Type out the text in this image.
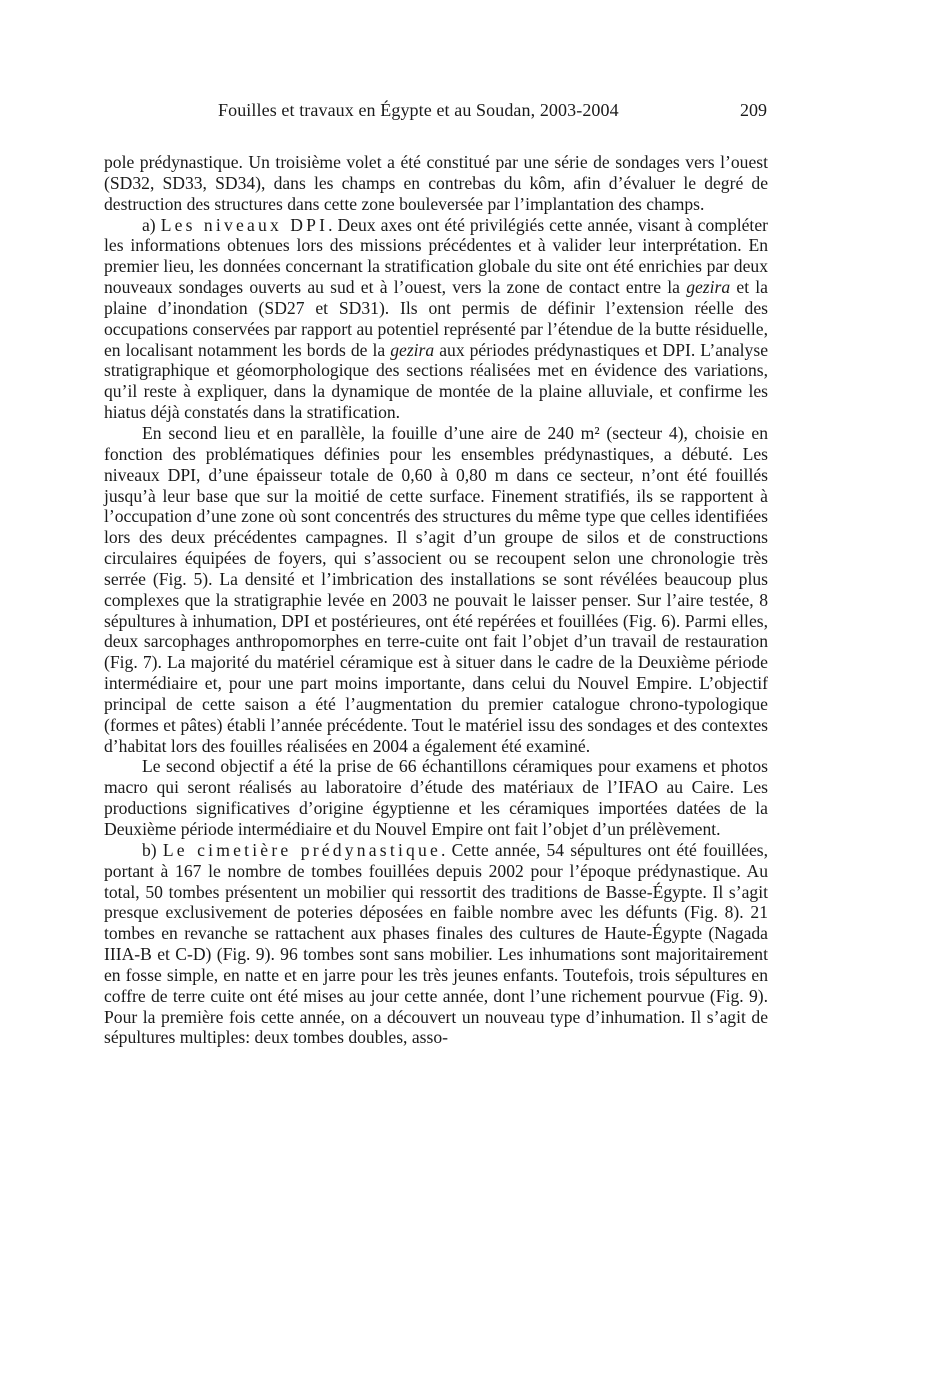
Fouilles et travaux en Égypte et au Soudan, 2003-2004	209

pole prédynastique. Un troisième volet a été constitué par une série de sondages vers l’ouest (SD32, SD33, SD34), dans les champs en contrebas du kôm, afin d’évaluer le degré de destruction des structures dans cette zone bouleversée par l’implantation des champs.

a) Les niveaux DPI. Deux axes ont été privilégiés cette année, visant à compléter les informations obtenues lors des missions précédentes et à valider leur interprétation. En premier lieu, les données concernant la stratification globale du site ont été enrichies par deux nouveaux sondages ouverts au sud et à l’ouest, vers la zone de contact entre la gezira et la plaine d’inondation (SD27 et SD31). Ils ont permis de définir l’extension réelle des occupations conservées par rapport au potentiel représenté par l’étendue de la butte résiduelle, en localisant notamment les bords de la gezira aux périodes prédynastiques et DPI. L’analyse stratigraphique et géomorphologique des sections réalisées met en évidence des variations, qu’il reste à expliquer, dans la dynamique de montée de la plaine alluviale, et confirme les hiatus déjà constatés dans la stratification.

En second lieu et en parallèle, la fouille d’une aire de 240 m² (secteur 4), choisie en fonction des problématiques définies pour les ensembles prédynastiques, a débuté. Les niveaux DPI, d’une épaisseur totale de 0,60 à 0,80 m dans ce secteur, n’ont été fouillés jusqu’à leur base que sur la moitié de cette surface. Finement stratifiés, ils se rapportent à l’occupation d’une zone où sont concentrés des structures du même type que celles identifiées lors des deux précédentes campagnes. Il s’agit d’un groupe de silos et de constructions circulaires équipées de foyers, qui s’associent ou se recoupent selon une chronologie très serrée (Fig. 5). La densité et l’imbrication des installations se sont révélées beaucoup plus complexes que la stratigraphie levée en 2003 ne pouvait le laisser penser. Sur l’aire testée, 8 sépultures à inhumation, DPI et postérieures, ont été repérées et fouillées (Fig. 6). Parmi elles, deux sarcophages anthropomorphes en terre-cuite ont fait l’objet d’un travail de restauration (Fig. 7). La majorité du matériel céramique est à situer dans le cadre de la Deuxième période intermédiaire et, pour une part moins importante, dans celui du Nouvel Empire. L’objectif principal de cette saison a été l’augmentation du premier catalogue chrono-typologique (formes et pâtes) établi l’année précédente. Tout le matériel issu des sondages et des contextes d’habitat lors des fouilles réalisées en 2004 a également été examiné.

Le second objectif a été la prise de 66 échantillons céramiques pour examens et photos macro qui seront réalisés au laboratoire d’étude des matériaux de l’IFAO au Caire. Les productions significatives d’origine égyptienne et les céramiques importées datées de la Deuxième période intermédiaire et du Nouvel Empire ont fait l’objet d’un prélèvement.

b) Le cimetière prédynastique. Cette année, 54 sépultures ont été fouillées, portant à 167 le nombre de tombes fouillées depuis 2002 pour l’époque prédynastique. Au total, 50 tombes présentent un mobilier qui ressortit des traditions de Basse-Égypte. Il s’agit presque exclusivement de poteries déposées en faible nombre avec les défunts (Fig. 8). 21 tombes en revanche se rattachent aux phases finales des cultures de Haute-Égypte (Nagada IIIA-B et C-D) (Fig. 9). 96 tombes sont sans mobilier. Les inhumations sont majoritairement en fosse simple, en natte et en jarre pour les très jeunes enfants. Toutefois, trois sépultures en coffre de terre cuite ont été mises au jour cette année, dont l’une richement pourvue (Fig. 9). Pour la première fois cette année, on a découvert un nouveau type d’inhumation. Il s’agit de sépultures multiples: deux tombes doubles, asso-
